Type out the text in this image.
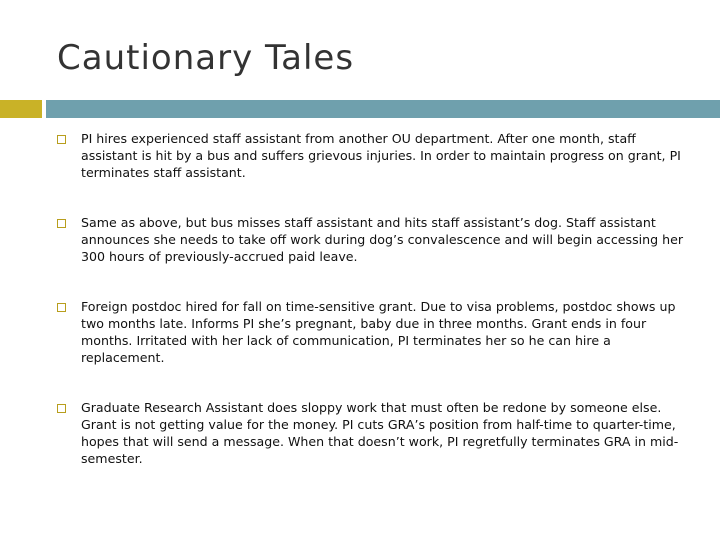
Cautionary Tales
PI hires experienced staff assistant from another OU department. After one month, staff assistant is hit by a bus and suffers grievous injuries. In order to maintain progress on grant, PI terminates staff assistant.
Same as above, but bus misses staff assistant and hits staff assistant’s dog. Staff assistant announces she needs to take off work during dog’s convalescence and will begin accessing her 300 hours of previously-accrued paid leave.
Foreign postdoc hired for fall on time-sensitive grant. Due to visa problems, postdoc shows up two months late. Informs PI she’s pregnant, baby due in three months. Grant ends in four months. Irritated with her lack of communication, PI terminates her so he can hire a replacement.
Graduate Research Assistant does sloppy work that must often be redone by someone else. Grant is not getting value for the money. PI cuts GRA’s position from half-time to quarter-time, hopes that will send a message. When that doesn’t work, PI regretfully terminates GRA in mid-semester.
